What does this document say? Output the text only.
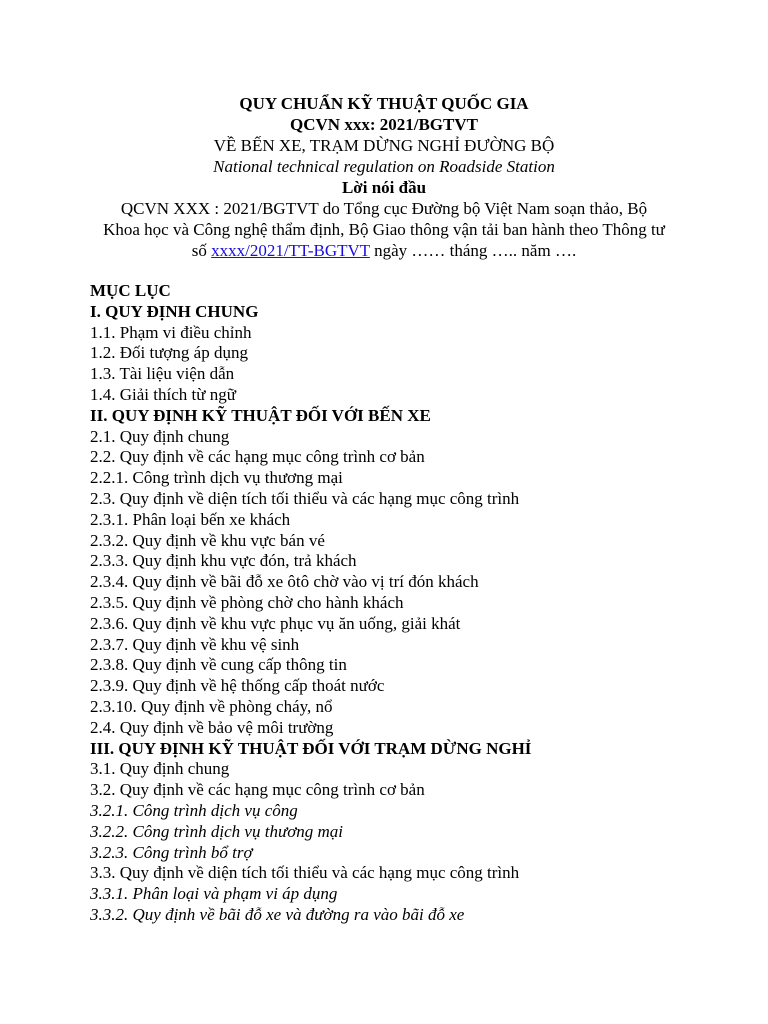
QUY CHUẨN KỸ THUẬT QUỐC GIA
QCVN xxx: 2021/BGTVT
VỀ BẾN XE, TRẠM DỪNG NGHỈ ĐƯỜNG BỘ
National technical regulation on Roadside Station
Lời nói đầu
QCVN XXX : 2021/BGTVT do Tổng cục Đường bộ Việt Nam soạn thảo, Bộ
Khoa học và Công nghệ thẩm định, Bộ Giao thông vận tải ban hành theo Thông tư
số xxxx/2021/TT-BGTVT ngày …… tháng ….. năm ….
MỤC LỤC
I. QUY ĐỊNH CHUNG
1.1. Phạm vi điều chỉnh
1.2. Đối tượng áp dụng
1.3. Tài liệu viện dẫn
1.4. Giải thích từ ngữ
II. QUY ĐỊNH KỸ THUẬT ĐỐI VỚI BẾN XE
2.1. Quy định chung
2.2. Quy định về các hạng mục công trình cơ bản
2.2.1. Công trình dịch vụ thương mại
2.3. Quy định về diện tích tối thiểu và các hạng mục công trình
2.3.1. Phân loại bến xe khách
2.3.2. Quy định về khu vực bán vé
2.3.3. Quy định khu vực đón, trả khách
2.3.4. Quy định về bãi đỗ xe ôtô chờ vào vị trí đón khách
2.3.5. Quy định về phòng chờ cho hành khách
2.3.6. Quy định về khu vực phục vụ ăn uống, giải khát
2.3.7. Quy định về khu vệ sinh
2.3.8. Quy định về cung cấp thông tin
2.3.9. Quy định về hệ thống cấp thoát nước
2.3.10. Quy định về phòng cháy, nổ
2.4. Quy định về bảo vệ môi trường
III. QUY ĐỊNH KỸ THUẬT ĐỐI VỚI TRẠM DỪNG NGHỈ
3.1. Quy định chung
3.2. Quy định về các hạng mục công trình cơ bản
3.2.1. Công trình dịch vụ công
3.2.2. Công trình dịch vụ thương mại
3.2.3. Công trình bổ trợ
3.3. Quy định về diện tích tối thiểu và các hạng mục công trình
3.3.1. Phân loại và phạm vi áp dụng
3.3.2. Quy định về bãi đỗ xe và đường ra vào bãi đỗ xe
